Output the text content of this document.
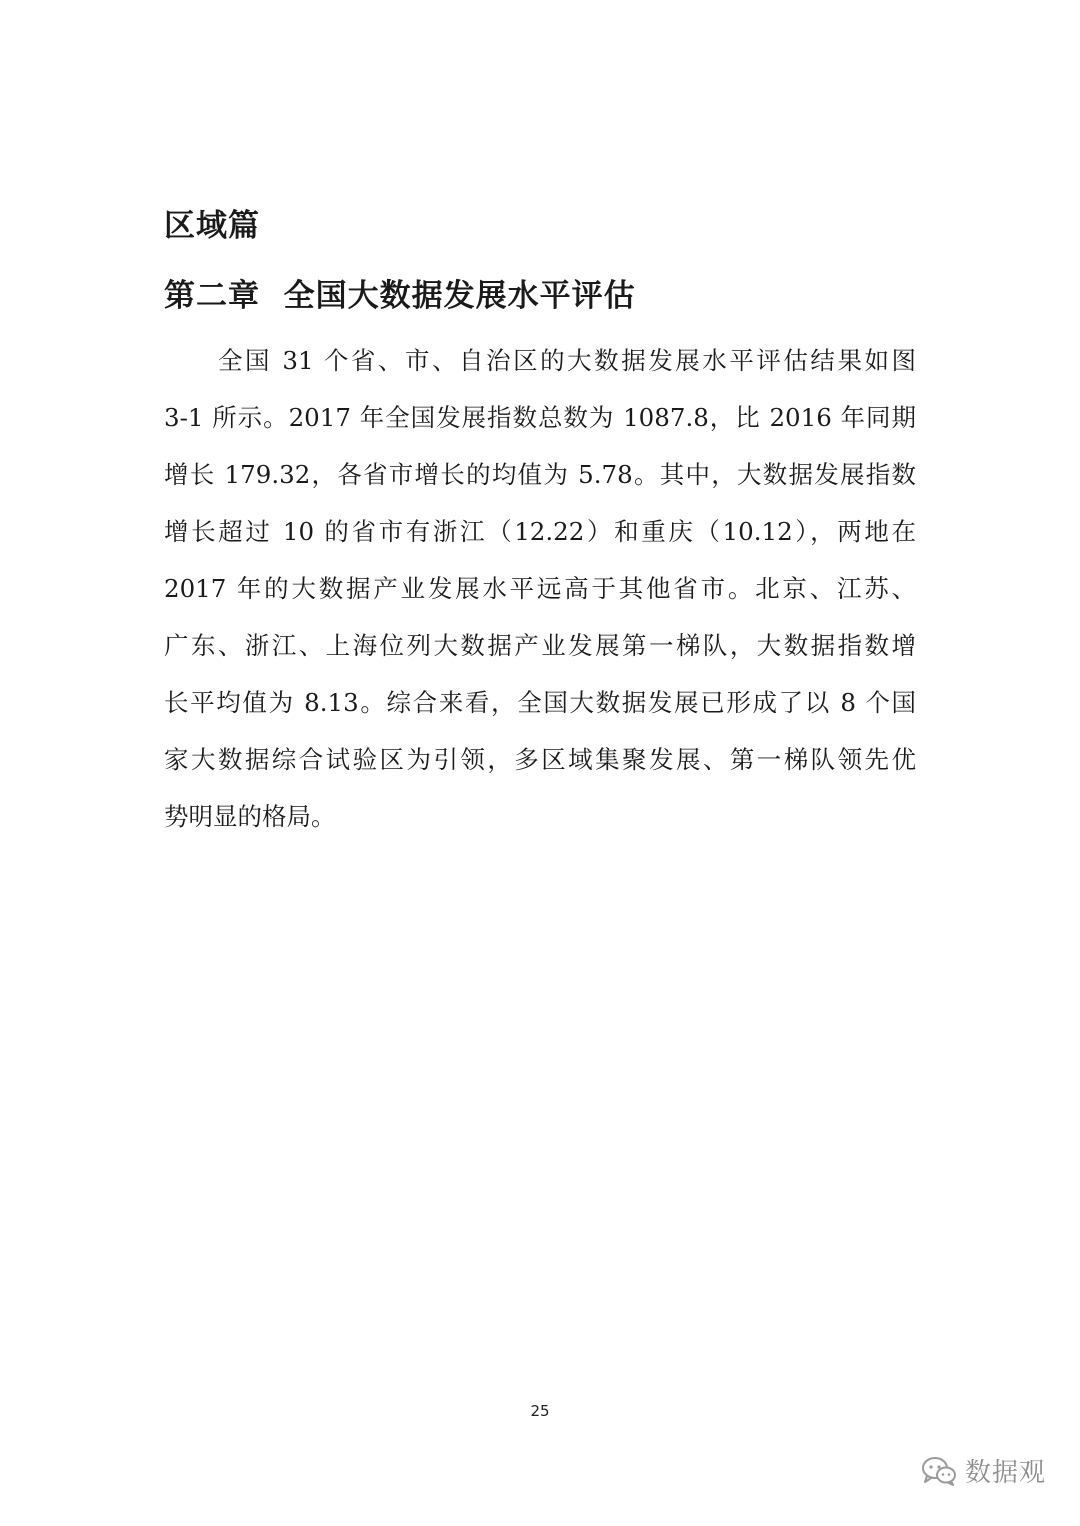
区域篇
第二章  全国大数据发展水平评估
全国 31 个省、市、自治区的大数据发展水平评估结果如图
3-1 所示。2017 年全国发展指数总数为 1087.8，比 2016 年同期
增长 179.32，各省市增长的均值为 5.78。其中，大数据发展指数
增长超过 10 的省市有浙江（12.22）和重庆（10.12），两地在
2017 年的大数据产业发展水平远高于其他省市。北京、江苏、
广东、浙江、上海位列大数据产业发展第一梯队，大数据指数增
长平均值为 8.13。综合来看，全国大数据发展已形成了以 8 个国
家大数据综合试验区为引领，多区域集聚发展、第一梯队领先优
势明显的格局。
25
数据观
